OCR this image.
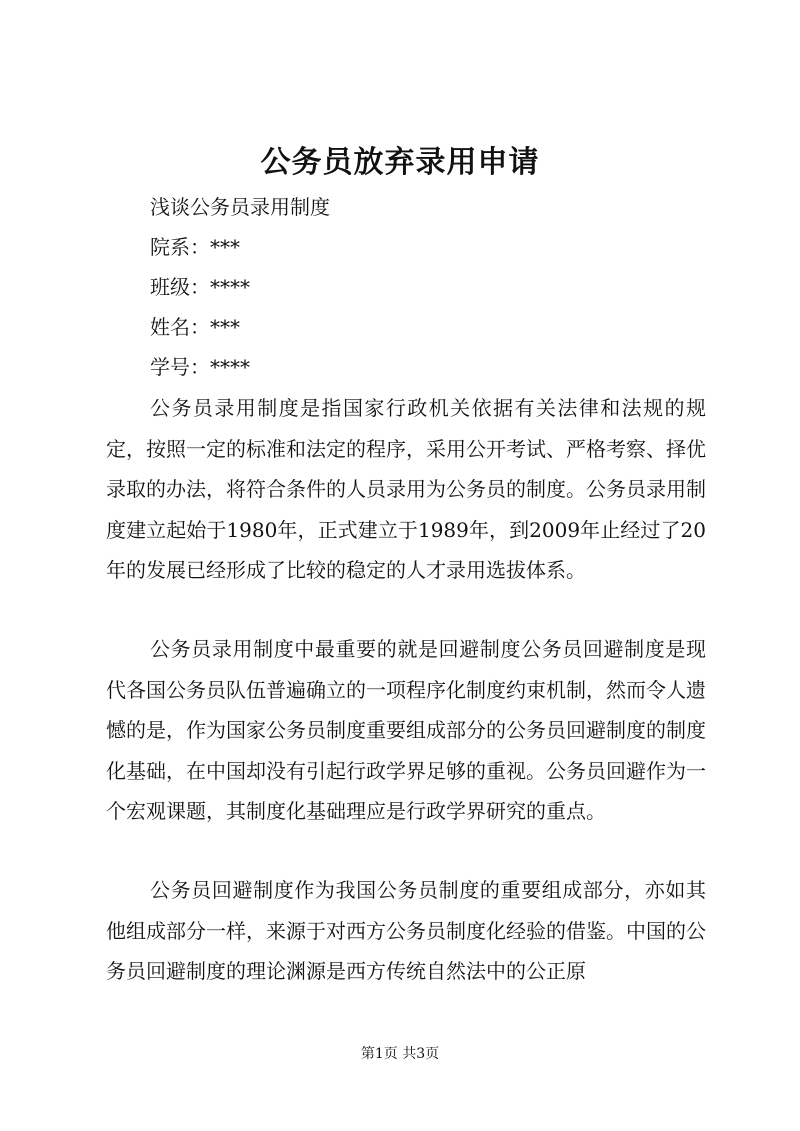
公务员放弃录用申请
浅谈公务员录用制度
院系：***
班级：****
姓名：***
学号：****

公务员录用制度是指国家行政机关依据有关法律和法规的规定，按照一定的标准和法定的程序，采用公开考试、严格考察、择优录取的办法，将符合条件的人员录用为公务员的制度。公务员录用制度建立起始于1980年，正式建立于1989年，到2009年止经过了20年的发展已经形成了比较的稳定的人才录用选拔体系。

公务员录用制度中最重要的就是回避制度公务员回避制度是现代各国公务员队伍普遍确立的一项程序化制度约束机制，然而令人遗憾的是，作为国家公务员制度重要组成部分的公务员回避制度的制度化基础，在中国却没有引起行政学界足够的重视。公务员回避作为一个宏观课题，其制度化基础理应是行政学界研究的重点。

公务员回避制度作为我国公务员制度的重要组成部分，亦如其他组成部分一样，来源于对西方公务员制度化经验的借鉴。中国的公务员回避制度的理论渊源是西方传统自然法中的公正原

第1页 共3页
